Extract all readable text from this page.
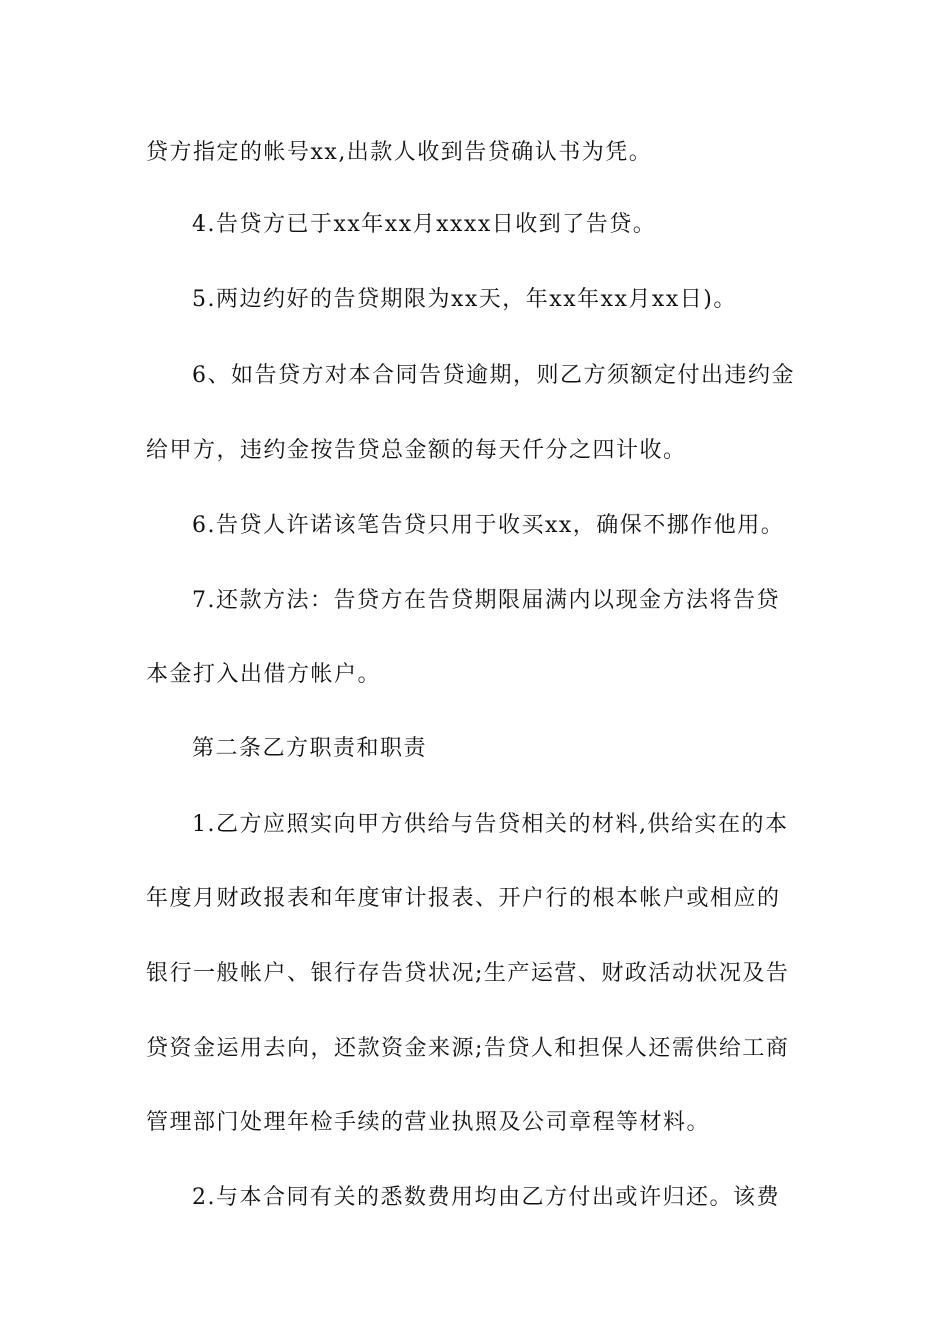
贷方指定的帐号xx,出款人收到告贷确认书为凭。
4.告贷方已于xx年xx月xxxx日收到了告贷。
5.两边约好的告贷期限为xx天，年xx年xx月xx日)。
6、如告贷方对本合同告贷逾期，则乙方须额定付出违约金
给甲方，违约金按告贷总金额的每天仟分之四计收。
6.告贷人许诺该笔告贷只用于收买xx，确保不挪作他用。
7.还款方法：告贷方在告贷期限届满内以现金方法将告贷
本金打入出借方帐户。
第二条乙方职责和职责
1.乙方应照实向甲方供给与告贷相关的材料,供给实在的本
年度月财政报表和年度审计报表、开户行的根本帐户或相应的
银行一般帐户、银行存告贷状况;生产运营、财政活动状况及告
贷资金运用去向，还款资金来源;告贷人和担保人还需供给工商
管理部门处理年检手续的营业执照及公司章程等材料。
2.与本合同有关的悉数费用均由乙方付出或许归还。该费
